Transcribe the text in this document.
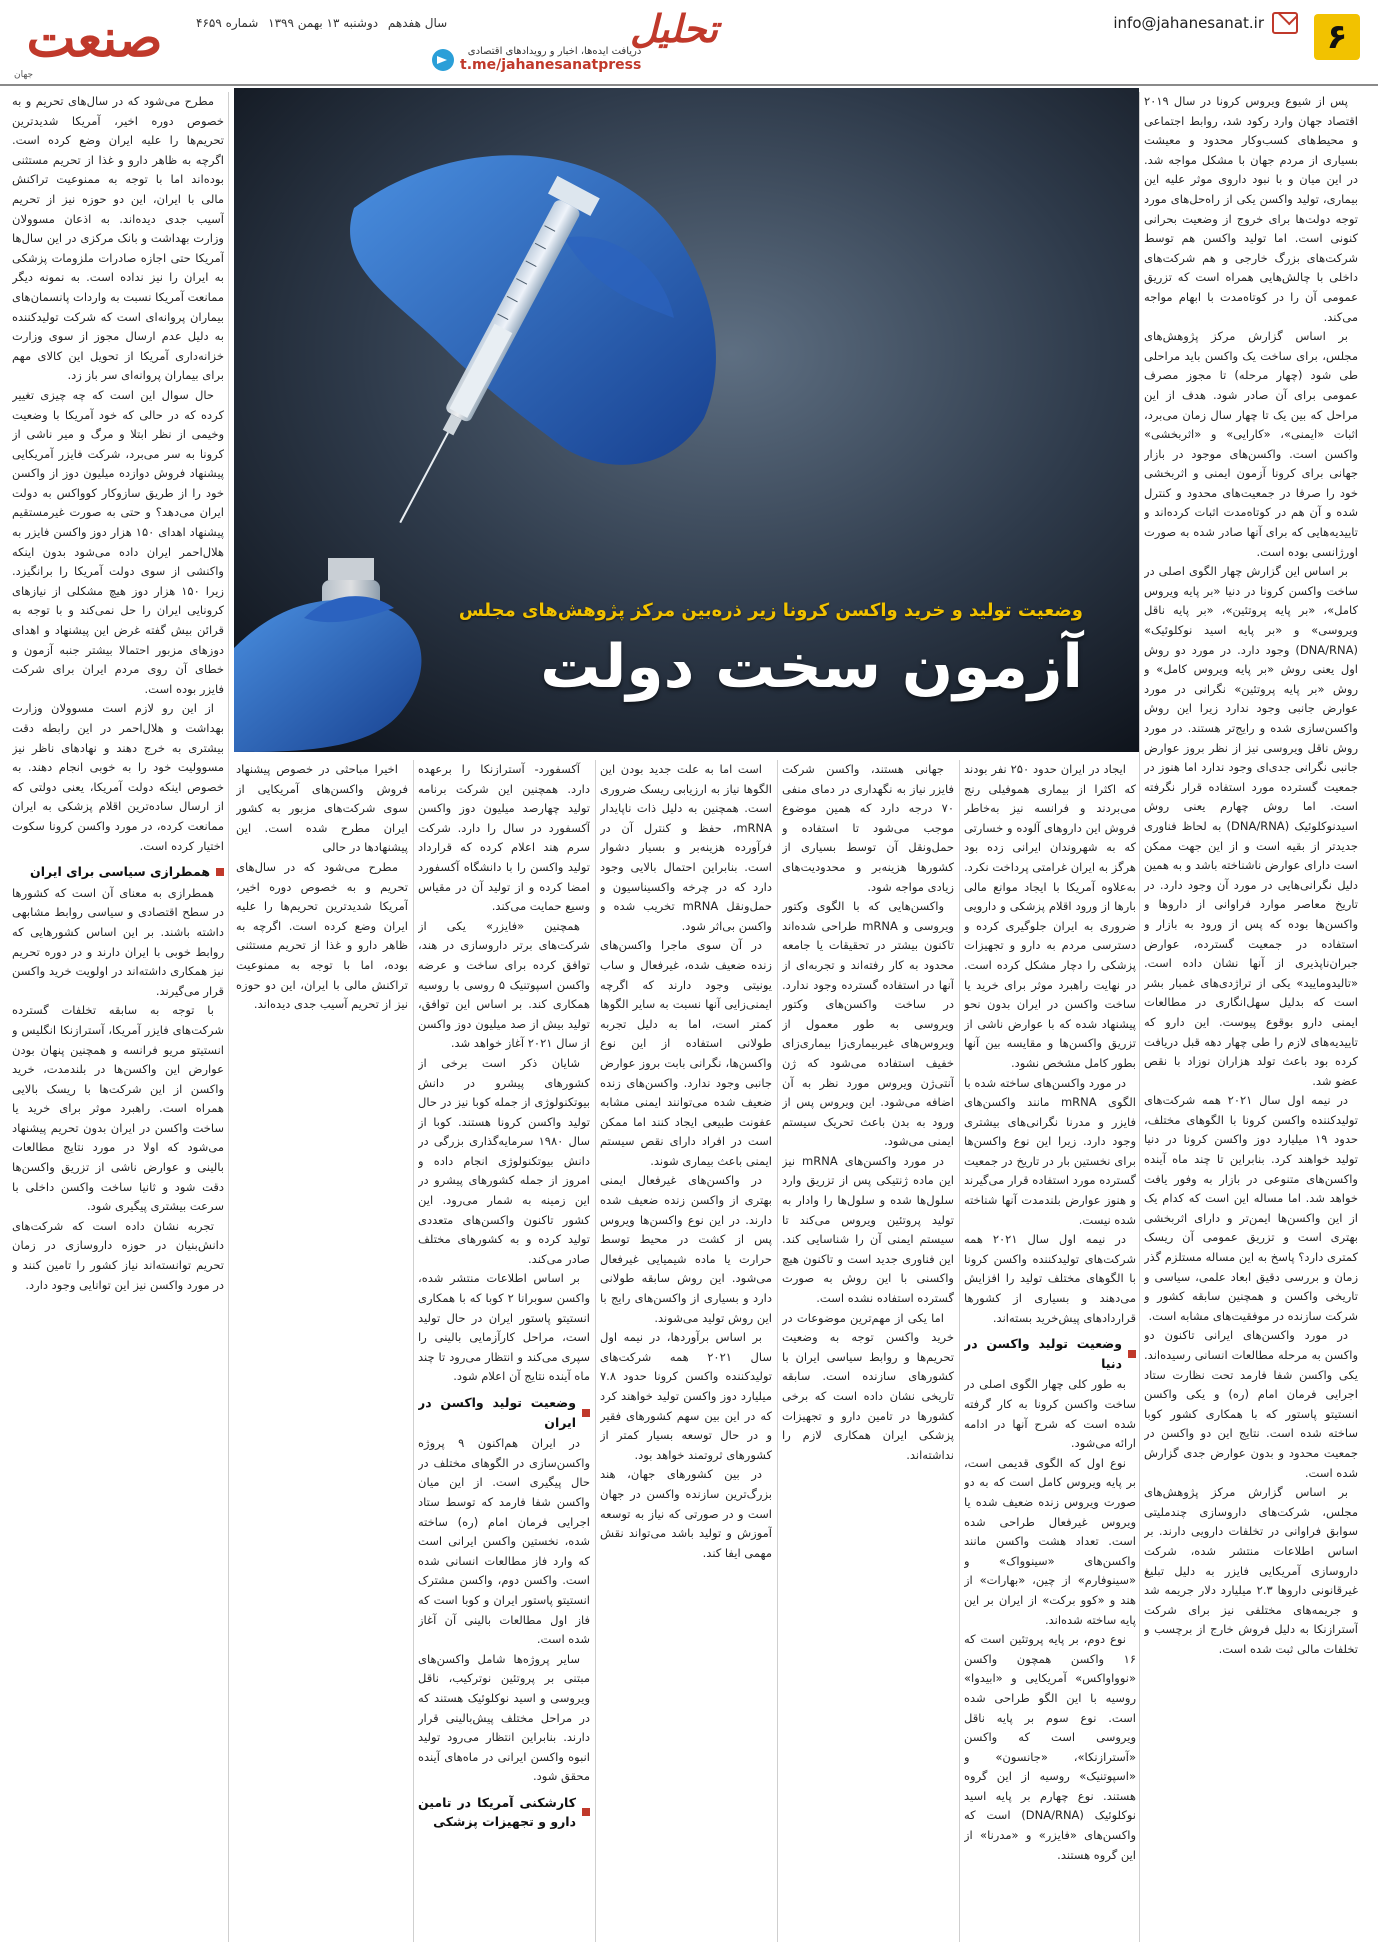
۶
info@jahanesanat.ir
تحلیل
دریافت ایده‌ها، اخبار و رویدادهای اقتصادی
t.me/jahanesanatpress
سال هفدهم دوشنبه ۱۳ بهمن ۱۳۹۹ شماره ۴۶۵۹
صنعت
جهان
وضعیت تولید و خرید واکسن کرونا زیر ذره‌بین مرکز پژوهش‌های مجلس
آزمون سخت دولت

پس از شیوع ویروس کرونا در سال ۲۰۱۹ اقتصاد جهان وارد رکود شد، روابط اجتماعی و محیط‌های کسب‌وکار محدود و معیشت بسیاری از مردم جهان با مشکل مواجه شد. در این میان و با نبود داروی موثر علیه این بیماری، تولید واکسن یکی از راه‌حل‌های مورد توجه دولت‌ها برای خروج از وضعیت بحرانی کنونی است. اما تولید واکسن هم توسط شرکت‌های بزرگ خارجی و هم شرکت‌های داخلی با چالش‌هایی همراه است که تزریق عمومی آن را در کوتاه‌مدت با ابهام مواجه می‌کند.

بر اساس گزارش مرکز پژوهش‌های مجلس، برای ساخت یک واکسن باید مراحلی طی شود (چهار مرحله) تا مجوز مصرف عمومی برای آن صادر شود. هدف از این مراحل که بین یک تا چهار سال زمان می‌برد، اثبات «ایمنی»، «کارایی» و «اثربخشی» واکسن است. واکسن‌های موجود در بازار جهانی برای کرونا آزمون ایمنی و اثربخشی خود را صرفا در جمعیت‌های محدود و کنترل شده و آن هم در کوتاه‌مدت اثبات کرده‌اند و تاییدیه‌هایی که برای آنها صادر شده به صورت اورژانسی بوده است.

بر اساس این گزارش چهار الگوی اصلی در ساخت واکسن کرونا در دنیا «بر پایه ویروس کامل»، «بر پایه پروتئین»، «بر پایه ناقل ویروسی» و «بر پایه اسید نوکلوئیک» (DNA/RNA) وجود دارد. در مورد دو روش اول یعنی روش «بر پایه ویروس کامل» و روش «بر پایه پروتئین» نگرانی در مورد عوارض جانبی وجود ندارد زیرا این روش واکسن‌سازی شده و رایج‌تر هستند. در مورد روش ناقل ویروسی نیز از نظر بروز عوارض جانبی نگرانی جدی‌ای وجود ندارد اما هنوز در جمعیت گسترده مورد استفاده قرار نگرفته است. اما روش چهارم یعنی روش اسیدنوکلوئیک (DNA/RNA) به لحاظ فناوری جدیدتر از بقیه است و از این جهت ممکن است دارای عوارض ناشناخته باشد و به همین دلیل نگرانی‌هایی در مورد آن وجود دارد. در تاریخ معاصر موارد فراوانی از داروها و واکسن‌ها بوده که پس از ورود به بازار و استفاده در جمعیت گسترده، عوارض جبران‌ناپذیری از آنها نشان داده است. «تالیدومایید» یکی از تراژدی‌های غمبار بشر است که بدلیل سهل‌انگاری در مطالعات ایمنی دارو بوقوع پیوست. این دارو که تاییدیه‌های لازم را طی چهار دهه قبل دریافت کرده بود باعث تولد هزاران نوزاد با نقص عضو شد.

در نیمه اول سال ۲۰۲۱ همه شرکت‌های تولیدکننده واکسن کرونا با الگوهای مختلف، حدود ۱۹ میلیارد دوز واکسن کرونا در دنیا تولید خواهند کرد. بنابراین تا چند ماه آینده واکسن‌های متنوعی در بازار به وفور یافت خواهد شد. اما مساله این است که کدام یک از این واکسن‌ها ایمن‌تر و دارای اثربخشی بهتری است و تزریق عمومی آن ریسک کمتری دارد؟ پاسخ به این مساله مستلزم گذر زمان و بررسی دقیق ابعاد علمی، سیاسی و تاریخی واکسن و همچنین سابقه کشور و شرکت سازنده در موفقیت‌های مشابه است.

در مورد واکسن‌های ایرانی تاکنون دو واکسن به مرحله مطالعات انسانی رسیده‌اند. یکی واکسن شفا فارمد تحت نظارت ستاد اجرایی فرمان امام (ره) و یکی واکسن انستیتو پاستور که با همکاری کشور کوبا ساخته شده است. نتایج این دو واکسن در جمعیت محدود و بدون عوارض جدی گزارش شده است.

بر اساس گزارش مرکز پژوهش‌های مجلس، شرکت‌های داروسازی چندملیتی سوابق فراوانی در تخلفات دارویی دارند. بر اساس اطلاعات منتشر شده، شرکت داروسازی آمریکایی فایزر به دلیل تبلیغ غیرقانونی داروها ۲.۳ میلیارد دلار جریمه شد و جریمه‌های مختلفی نیز برای شرکت آسترازنکا به دلیل فروش خارج از برچسب و تخلفات مالی ثبت شده است.

مطرح می‌شود که در سال‌های تحریم و به خصوص دوره اخیر، آمریکا شدیدترین تحریم‌ها را علیه ایران وضع کرده است. اگرچه به ظاهر دارو و غذا از تحریم مستثنی بوده‌اند اما با توجه به ممنوعیت تراکنش مالی با ایران، این دو حوزه نیز از تحریم آسیب جدی دیده‌اند. به اذعان مسوولان وزارت بهداشت و بانک مرکزی در این سال‌ها آمریکا حتی اجازه صادرات ملزومات پزشکی به ایران را نیز نداده است. به نمونه دیگر ممانعت آمریکا نسبت به واردات پانسمان‌های بیماران پروانه‌ای است که شرکت تولیدکننده به دلیل عدم ارسال مجوز از سوی وزارت خزانه‌داری آمریکا از تحویل این کالای مهم برای بیماران پروانه‌ای سر باز زد.

حال سوال این است که چه چیزی تغییر کرده که در حالی که خود آمریکا با وضعیت وخیمی از نظر ابتلا و مرگ و میر ناشی از کرونا به سر می‌برد، شرکت فایزر آمریکایی پیشنهاد فروش دوازده میلیون دوز از واکسن خود را از طریق سازوکار کوواکس به دولت ایران می‌دهد؟ و حتی به صورت غیرمستقیم پیشنهاد اهدای ۱۵۰ هزار دوز واکسن فایزر به هلال‌احمر ایران داده می‌شود بدون اینکه واکنشی از سوی دولت آمریکا را برانگیزد. زیرا ۱۵۰ هزار دوز هیچ مشکلی از نیازهای کرونایی ایران را حل نمی‌کند و با توجه به قرائن بیش گفته غرض این پیشنهاد و اهدای دوزهای مزبور احتمالا بیشتر جنبه آزمون و خطای آن روی مردم ایران برای شرکت فایزر بوده است.

از این رو لازم است مسوولان وزارت بهداشت و هلال‌احمر در این رابطه دقت بیشتری به خرج دهند و نهادهای ناظر نیز مسوولیت خود را به خوبی انجام دهند. به خصوص اینکه دولت آمریکا، یعنی دولتی که از ارسال ساده‌ترین اقلام پزشکی به ایران ممانعت کرده، در مورد واکسن کرونا سکوت اختیار کرده است.

همطرازی سیاسی برای ایران

همطرازی به معنای آن است که کشورها در سطح اقتصادی و سیاسی روابط مشابهی داشته باشند. بر این اساس کشورهایی که روابط خوبی با ایران دارند و در دوره تحریم نیز همکاری داشته‌اند در اولویت خرید واکسن قرار می‌گیرند.

با توجه به سابقه تخلفات گسترده شرکت‌های فایزر آمریکا، آسترازنکا انگلیس و انستیتو مریو فرانسه و همچنین پنهان بودن عوارض این واکسن‌ها در بلندمدت، خرید واکسن از این شرکت‌ها با ریسک بالایی همراه است. راهبرد موثر برای خرید یا ساخت واکسن در ایران بدون تحریم پیشنهاد می‌شود که اولا در مورد نتایج مطالعات بالینی و عوارض ناشی از تزریق واکسن‌ها دقت شود و ثانیا ساخت واکسن داخلی با سرعت بیشتری پیگیری شود.

تجربه نشان داده است که شرکت‌های دانش‌بنیان در حوزه داروسازی در زمان تحریم توانسته‌اند نیاز کشور را تامین کنند و در مورد واکسن نیز این توانایی وجود دارد.

ایجاد در ایران حدود ۲۵۰ نفر بودند که اکثرا از بیماری هموفیلی رنج می‌بردند و فرانسه نیز به‌خاطر فروش این داروهای آلوده و خسارتی که به شهروندان ایرانی زده بود هرگز به ایران غرامتی پرداخت نکرد. به‌علاوه آمریکا با ایجاد موانع مالی بارها از ورود اقلام پزشکی و دارویی ضروری به ایران جلوگیری کرده و دسترسی مردم به دارو و تجهیزات پزشکی را دچار مشکل کرده است. در نهایت راهبرد موثر برای خرید یا ساخت واکسن در ایران بدون نحو پیشنهاد شده که با عوارض ناشی از تزریق واکسن‌ها و مقایسه بین آنها بطور کامل مشخص نشود.

در مورد واکسن‌های ساخته شده با الگوی mRNA مانند واکسن‌های فایزر و مدرنا نگرانی‌های بیشتری وجود دارد. زیرا این نوع واکسن‌ها برای نخستین بار در تاریخ در جمعیت گسترده مورد استفاده قرار می‌گیرند و هنوز عوارض بلندمدت آنها شناخته شده نیست.

در نیمه اول سال ۲۰۲۱ همه شرکت‌های تولیدکننده واکسن کرونا با الگوهای مختلف تولید را افزایش می‌دهند و بسیاری از کشورها قراردادهای پیش‌خرید بسته‌اند.

وضعیت تولید واکسن در دنیا

به طور کلی چهار الگوی اصلی در ساخت واکسن کرونا به کار گرفته شده است که شرح آنها در ادامه ارائه می‌شود.

نوع اول که الگوی قدیمی است، بر پایه ویروس کامل است که به دو صورت ویروس زنده ضعیف شده یا ویروس غیرفعال طراحی شده است. تعداد هشت واکسن مانند واکسن‌های «سینوواک» و «سینوفارم» از چین، «بهارات» از هند و «کوو برکت» از ایران بر این پایه ساخته شده‌اند.

نوع دوم، بر پایه پروتئین است که ۱۶ واکسن همچون واکسن «نوواواکس» آمریکایی و «ابیدوا» روسیه با این الگو طراحی شده است. نوع سوم بر پایه ناقل ویروسی است که واکسن «آسترازنکا»، «جانسون» و «اسپوتنیک» روسیه از این گروه هستند. نوع چهارم بر پایه اسید نوکلوئیک (DNA/RNA) است که واکسن‌های «فایزر» و «مدرنا» از این گروه هستند.

جهانی هستند، واکسن شرکت فایزر نیاز به نگهداری در دمای منفی ۷۰ درجه دارد که همین موضوع موجب می‌شود تا استفاده و حمل‌ونقل آن توسط بسیاری از کشورها هزینه‌بر و محدودیت‌های زیادی مواجه شود.

واکسن‌هایی که با الگوی وکتور ویروسی و mRNA طراحی شده‌اند تاکنون بیشتر در تحقیقات یا جامعه محدود به کار رفته‌اند و تجربه‌ای از آنها در استفاده گسترده وجود ندارد. در ساخت واکسن‌های وکتور ویروسی به طور معمول از ویروس‌های غیربیماری‌زا بیماری‌زای خفیف استفاده می‌شود که ژن آنتی‌ژن ویروس مورد نظر به آن اضافه می‌شود. این ویروس پس از ورود به بدن باعث تحریک سیستم ایمنی می‌شود.

در مورد واکسن‌های mRNA نیز این ماده ژنتیکی پس از تزریق وارد سلول‌ها شده و سلول‌ها را وادار به تولید پروتئین ویروس می‌کند تا سیستم ایمنی آن را شناسایی کند. این فناوری جدید است و تاکنون هیچ واکسنی با این روش به صورت گسترده استفاده نشده است.

اما یکی از مهم‌ترین موضوعات در خرید واکسن توجه به وضعیت تحریم‌ها و روابط سیاسی ایران با کشورهای سازنده است. سابقه تاریخی نشان داده است که برخی کشورها در تامین دارو و تجهیزات پزشکی ایران همکاری لازم را نداشته‌اند.

است اما به علت جدید بودن این الگوها نیاز به ارزیابی ریسک ضروری است. همچنین به دلیل ذات ناپایدار mRNA، حفظ و کنترل آن در فرآورده هزینه‌بر و بسیار دشوار است. بنابراین احتمال بالایی وجود دارد که در چرخه واکسیناسیون و حمل‌ونقل mRNA تخریب شده و واکسن بی‌اثر شود.

در آن سوی ماجرا واکسن‌های زنده ضعیف شده، غیرفعال و ساب یونیتی وجود دارند که اگرچه ایمنی‌زایی آنها نسبت به سایر الگوها کمتر است، اما به دلیل تجربه طولانی استفاده از این نوع واکسن‌ها، نگرانی بابت بروز عوارض جانبی وجود ندارد. واکسن‌های زنده ضعیف شده می‌توانند ایمنی مشابه عفونت طبیعی ایجاد کنند اما ممکن است در افراد دارای نقص سیستم ایمنی باعث بیماری شوند.

در واکسن‌های غیرفعال ایمنی بهتری از واکسن زنده ضعیف شده دارند. در این نوع واکسن‌ها ویروس پس از کشت در محیط توسط حرارت یا ماده شیمیایی غیرفعال می‌شود. این روش سابقه طولانی دارد و بسیاری از واکسن‌های رایج با این روش تولید می‌شوند.

بر اساس برآوردها، در نیمه اول سال ۲۰۲۱ همه شرکت‌های تولیدکننده واکسن کرونا حدود ۷.۸ میلیارد دوز واکسن تولید خواهند کرد که در این بین سهم کشورهای فقیر و در حال توسعه بسیار کمتر از کشورهای ثروتمند خواهد بود.

در بین کشورهای جهان، هند بزرگ‌ترین سازنده واکسن در جهان است و در صورتی که نیاز به توسعه آموزش و تولید باشد می‌تواند نقش مهمی ایفا کند.

آکسفورد- آسترازنکا را برعهده دارد. همچنین این شرکت برنامه تولید چهارصد میلیون دوز واکسن آکسفورد در سال را دارد. شرکت سرم هند اعلام کرده که قرارداد تولید واکسن را با دانشگاه آکسفورد امضا کرده و از تولید آن در مقیاس وسیع حمایت می‌کند.

همچنین «فایزر» یکی از شرکت‌های برتر داروسازی در هند، توافق کرده برای ساخت و عرضه واکسن اسپوتنیک ۵ روسی با روسیه همکاری کند. بر اساس این توافق، تولید بیش از صد میلیون دوز واکسن از سال ۲۰۲۱ آغاز خواهد شد.

شایان ذکر است برخی از کشورهای پیشرو در دانش بیوتکنولوژی از جمله کوبا نیز در حال تولید واکسن کرونا هستند. کوبا از سال ۱۹۸۰ سرمایه‌گذاری بزرگی در دانش بیوتکنولوژی انجام داده و امروز از جمله کشورهای پیشرو در این زمینه به شمار می‌رود. این کشور تاکنون واکسن‌های متعددی تولید کرده و به کشورهای مختلف صادر می‌کند.

بر اساس اطلاعات منتشر شده، واکسن سوبرانا ۲ کوبا که با همکاری انستیتو پاستور ایران در حال تولید است، مراحل کارآزمایی بالینی را سپری می‌کند و انتظار می‌رود تا چند ماه آینده نتایج آن اعلام شود.

وضعیت تولید واکسن در ایران

در ایران هم‌اکنون ۹ پروژه واکسن‌سازی در الگوهای مختلف در حال پیگیری است. از این میان واکسن شفا فارمد که توسط ستاد اجرایی فرمان امام (ره) ساخته شده، نخستین واکسن ایرانی است که وارد فاز مطالعات انسانی شده است. واکسن دوم، واکسن مشترک انستیتو پاستور ایران و کوبا است که فاز اول مطالعات بالینی آن آغاز شده است.

سایر پروژه‌ها شامل واکسن‌های مبتنی بر پروتئین نوترکیب، ناقل ویروسی و اسید نوکلوئیک هستند که در مراحل مختلف پیش‌بالینی قرار دارند. بنابراین انتظار می‌رود تولید انبوه واکسن ایرانی در ماه‌های آینده محقق شود.

کارشکنی آمریکا در تامین دارو و تجهیزات پزشکی

اخیرا مباحثی در خصوص پیشنهاد فروش واکسن‌های آمریکایی از سوی شرکت‌های مزبور به کشور ایران مطرح شده است. این پیشنهادها در حالی

مطرح می‌شود که در سال‌های تحریم و به خصوص دوره اخیر، آمریکا شدیدترین تحریم‌ها را علیه ایران وضع کرده است. اگرچه به ظاهر دارو و غذا از تحریم مستثنی بوده، اما با توجه به ممنوعیت تراکنش مالی با ایران، این دو حوزه نیز از تحریم آسیب جدی دیده‌اند.
